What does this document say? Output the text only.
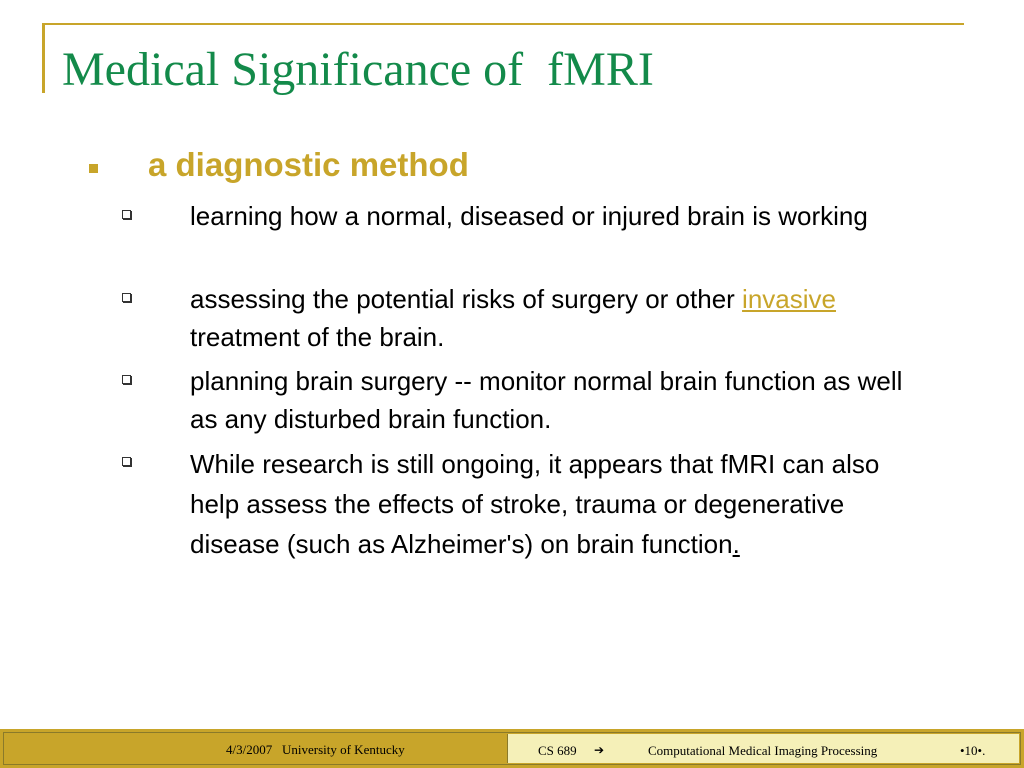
Medical Significance of  fMRI
a diagnostic method
learning how a normal, diseased or injured brain is working
assessing the potential risks of surgery or other invasive treatment of the brain.
planning brain surgery -- monitor normal brain function as well as any disturbed brain function.
While research is still ongoing, it appears that fMRI can also help assess the effects of stroke, trauma or degenerative disease (such as Alzheimer's) on brain function.
4/3/2007   University of Kentucky	CS 689 ➔	Computational Medical Imaging Processing	•10•.
